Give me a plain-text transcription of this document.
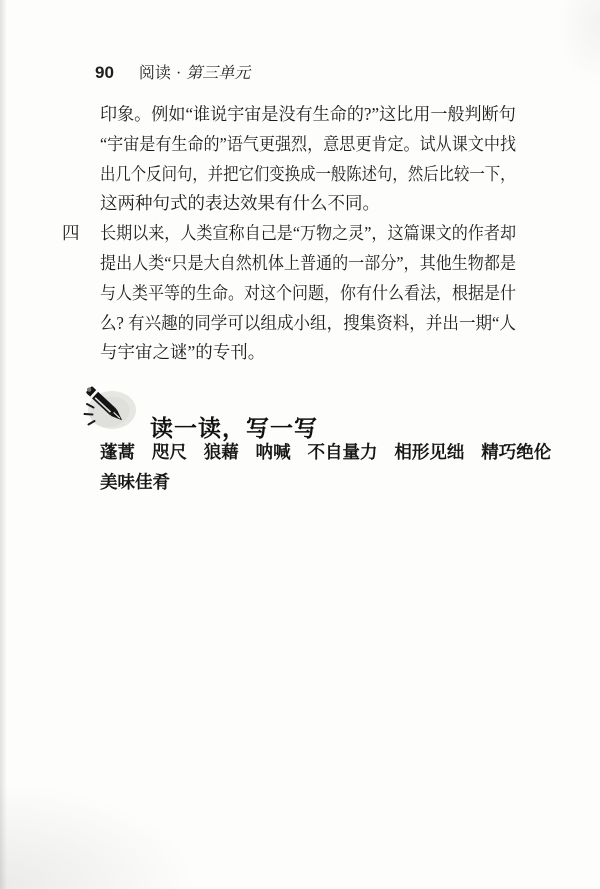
90 阅读 · 第三单元
四
印象。例如“谁说宇宙是没有生命的?”这比用一般判断句
“宇宙是有生命的”语气更强烈，意思更肯定。试从课文中找
出几个反问句，并把它们变换成一般陈述句，然后比较一下，
这两种句式的表达效果有什么不同。
长期以来，人类宣称自己是“万物之灵”，这篇课文的作者却
提出人类“只是大自然机体上普通的一部分”，其他生物都是
与人类平等的生命。对这个问题，你有什么看法，根据是什
么? 有兴趣的同学可以组成小组，搜集资料，并出一期“人
与宇宙之谜”的专刊。
读一读，写一写
蓬蒿 咫尺 狼藉 呐喊 不自量力 相形见绌 精巧绝伦
美味佳肴
